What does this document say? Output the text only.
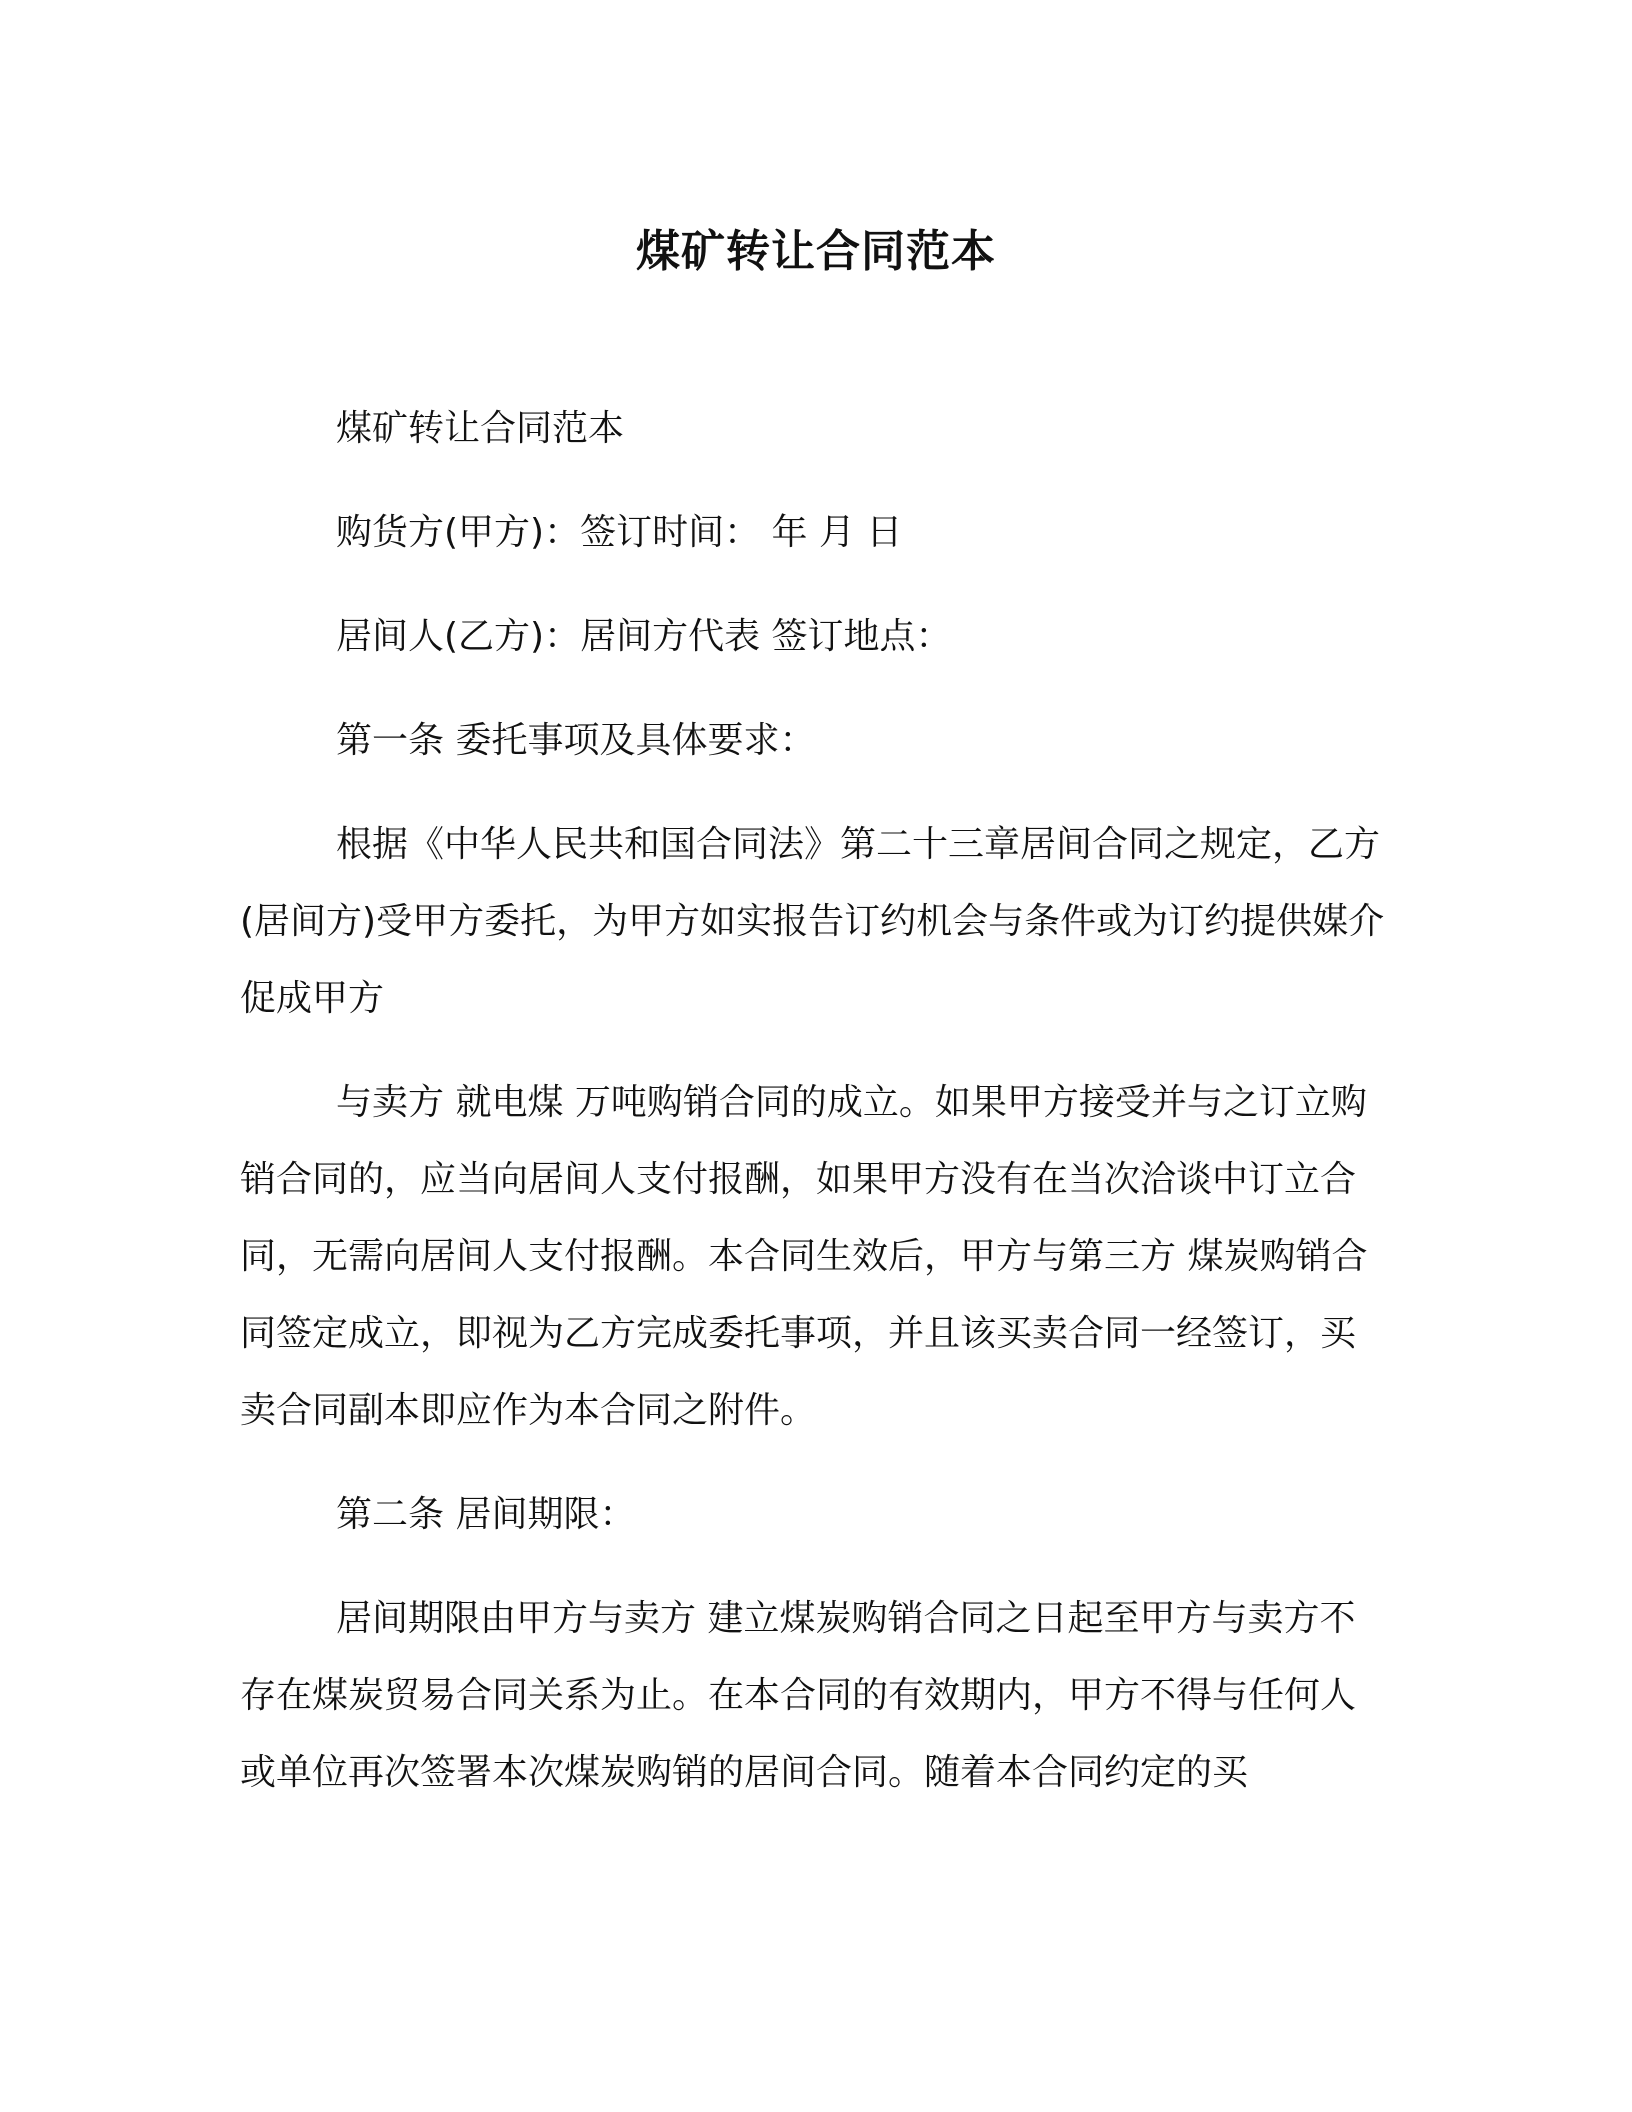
煤矿转让合同范本

煤矿转让合同范本

购货方(甲方)：签订时间： 年 月 日

居间人(乙方)：居间方代表 签订地点：

第一条 委托事项及具体要求：

根据《中华人民共和国合同法》第二十三章居间合同之规定，乙方(居间方)受甲方委托，为甲方如实报告订约机会与条件或为订约提供媒介促成甲方

与卖方 就电煤 万吨购销合同的成立。如果甲方接受并与之订立购销合同的，应当向居间人支付报酬，如果甲方没有在当次洽谈中订立合同，无需向居间人支付报酬。本合同生效后，甲方与第三方 煤炭购销合同签定成立，即视为乙方完成委托事项，并且该买卖合同一经签订，买卖合同副本即应作为本合同之附件。

第二条 居间期限：

居间期限由甲方与卖方 建立煤炭购销合同之日起至甲方与卖方不存在煤炭贸易合同关系为止。在本合同的有效期内，甲方不得与任何人或单位再次签署本次煤炭购销的居间合同。随着本合同约定的买
